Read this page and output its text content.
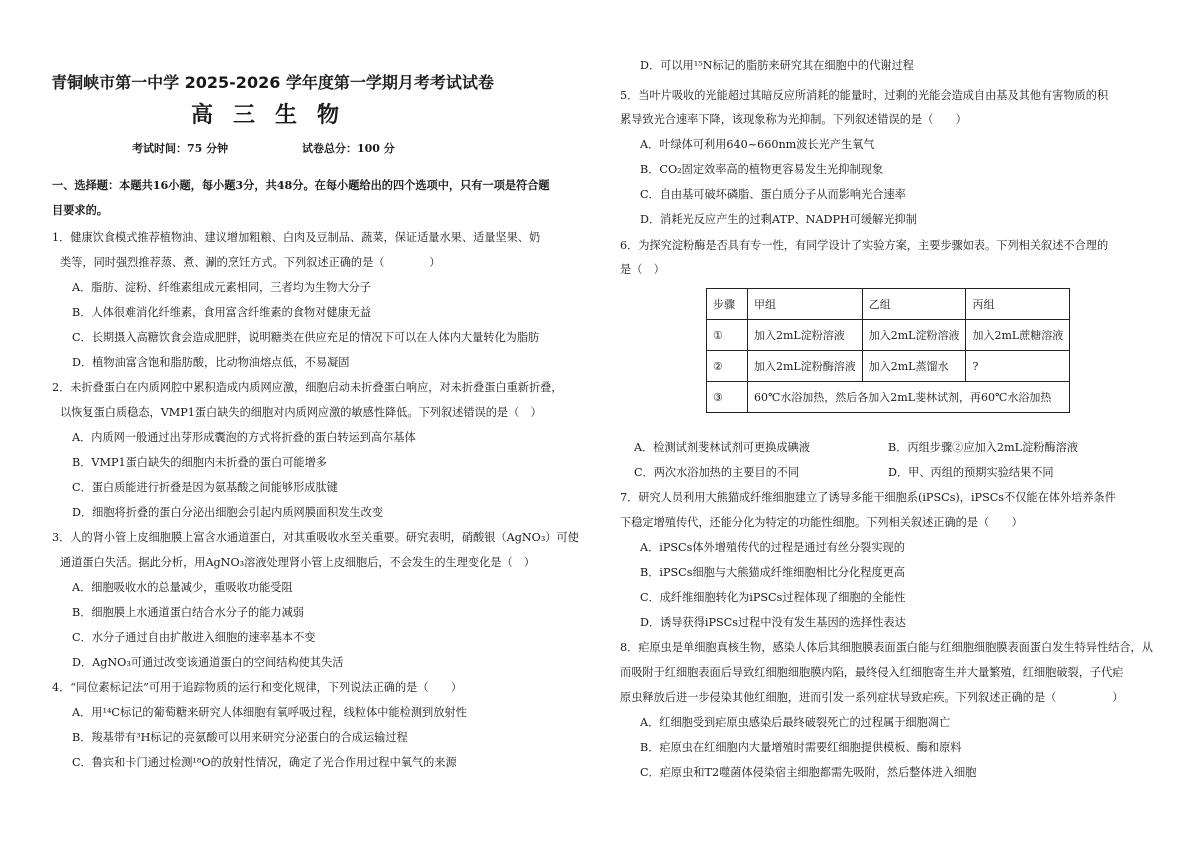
青铜峡市第一中学 2025-2026 学年度第一学期月考考试试卷
高三生物
考试时间：75 分钟	试卷总分：100 分
一、选择题：本题共16小题，每小题3分，共48分。在每小题给出的四个选项中，只有一项是符合题
目要求的。
1．健康饮食模式推荐植物油、建议增加粗粮、白肉及豆制品、蔬菜，保证适量水果、适量坚果、奶
类等，同时强烈推荐蒸、煮、涮的烹饪方式。下列叙述正确的是（　　　　）
A．脂肪、淀粉、纤维素组成元素相同，三者均为生物大分子
B．人体很难消化纤维素，食用富含纤维素的食物对健康无益
C．长期摄入高糖饮食会造成肥胖，说明糖类在供应充足的情况下可以在人体内大量转化为脂肪
D．植物油富含饱和脂肪酸，比动物油熔点低，不易凝固
2．未折叠蛋白在内质网腔中累积造成内质网应激，细胞启动未折叠蛋白响应，对未折叠蛋白重新折叠，
以恢复蛋白质稳态，VMP1蛋白缺失的细胞对内质网应激的敏感性降低。下列叙述错误的是（　）
A．内质网一般通过出芽形成囊泡的方式将折叠的蛋白转运到高尔基体
B．VMP1蛋白缺失的细胞内未折叠的蛋白可能增多
C．蛋白质能进行折叠是因为氨基酸之间能够形成肽键
D．细胞将折叠的蛋白分泌出细胞会引起内质网膜面积发生改变
3．人的肾小管上皮细胞膜上富含水通道蛋白，对其重吸收水至关重要。研究表明，硝酸银（AgNO₃）可使
通道蛋白失活。据此分析，用AgNO₃溶液处理肾小管上皮细胞后，不会发生的生理变化是（　）
A．细胞吸收水的总量减少，重吸收功能受阻
B．细胞膜上水通道蛋白结合水分子的能力减弱
C．水分子通过自由扩散进入细胞的速率基本不变
D．AgNO₃可通过改变该通道蛋白的空间结构使其失活
4．“同位素标记法”可用于追踪物质的运行和变化规律，下列说法正确的是（　　）
A．用¹⁴C标记的葡萄糖来研究人体细胞有氧呼吸过程，线粒体中能检测到放射性
B．羧基带有³H标记的亮氨酸可以用来研究分泌蛋白的合成运输过程
C．鲁宾和卡门通过检测¹⁸O的放射性情况，确定了光合作用过程中氧气的来源
D．可以用¹⁵N标记的脂肪来研究其在细胞中的代谢过程
5．当叶片吸收的光能超过其暗反应所消耗的能量时，过剩的光能会造成自由基及其他有害物质的积
累导致光合速率下降，该现象称为光抑制。下列叙述错误的是（　　）
A．叶绿体可利用640~660nm波长光产生氧气
B．CO₂固定效率高的植物更容易发生光抑制现象
C．自由基可破坏磷脂、蛋白质分子从而影响光合速率
D．消耗光反应产生的过剩ATP、NADPH可缓解光抑制
6．为探究淀粉酶是否具有专一性，有同学设计了实验方案，主要步骤如表。下列相关叙述不合理的
是（　）
步骤	甲组	乙组	丙组
①	加入2mL淀粉溶液	加入2mL淀粉溶液	加入2mL蔗糖溶液
②	加入2mL淀粉酶溶液	加入2mL蒸馏水	?
③	60℃水浴加热，然后各加入2mL斐林试剂，再60℃水浴加热		
A．检测试剂斐林试剂可更换成碘液	B．丙组步骤②应加入2mL淀粉酶溶液
C．两次水浴加热的主要目的不同	D．甲、丙组的预期实验结果不同
7．研究人员利用大熊猫成纤维细胞建立了诱导多能干细胞系(iPSCs)，iPSCs不仅能在体外培养条件
下稳定增殖传代，还能分化为特定的功能性细胞。下列相关叙述正确的是（　　）
A．iPSCs体外增殖传代的过程是通过有丝分裂实现的
B．iPSCs细胞与大熊猫成纤维细胞相比分化程度更高
C．成纤维细胞转化为iPSCs过程体现了细胞的全能性
D．诱导获得iPSCs过程中没有发生基因的选择性表达
8．疟原虫是单细胞真核生物，感染人体后其细胞膜表面蛋白能与红细胞细胞膜表面蛋白发生特异性结合，从
而吸附于红细胞表面后导致红细胞细胞膜内陷，最终侵入红细胞寄生并大量繁殖，红细胞破裂，子代疟
原虫释放后进一步侵染其他红细胞，进而引发一系列症状导致疟疾。下列叙述正确的是（　　　　　）
A．红细胞受到疟原虫感染后最终破裂死亡的过程属于细胞凋亡
B．疟原虫在红细胞内大量增殖时需要红细胞提供模板、酶和原料
C．疟原虫和T2噬菌体侵染宿主细胞都需先吸附，然后整体进入细胞
